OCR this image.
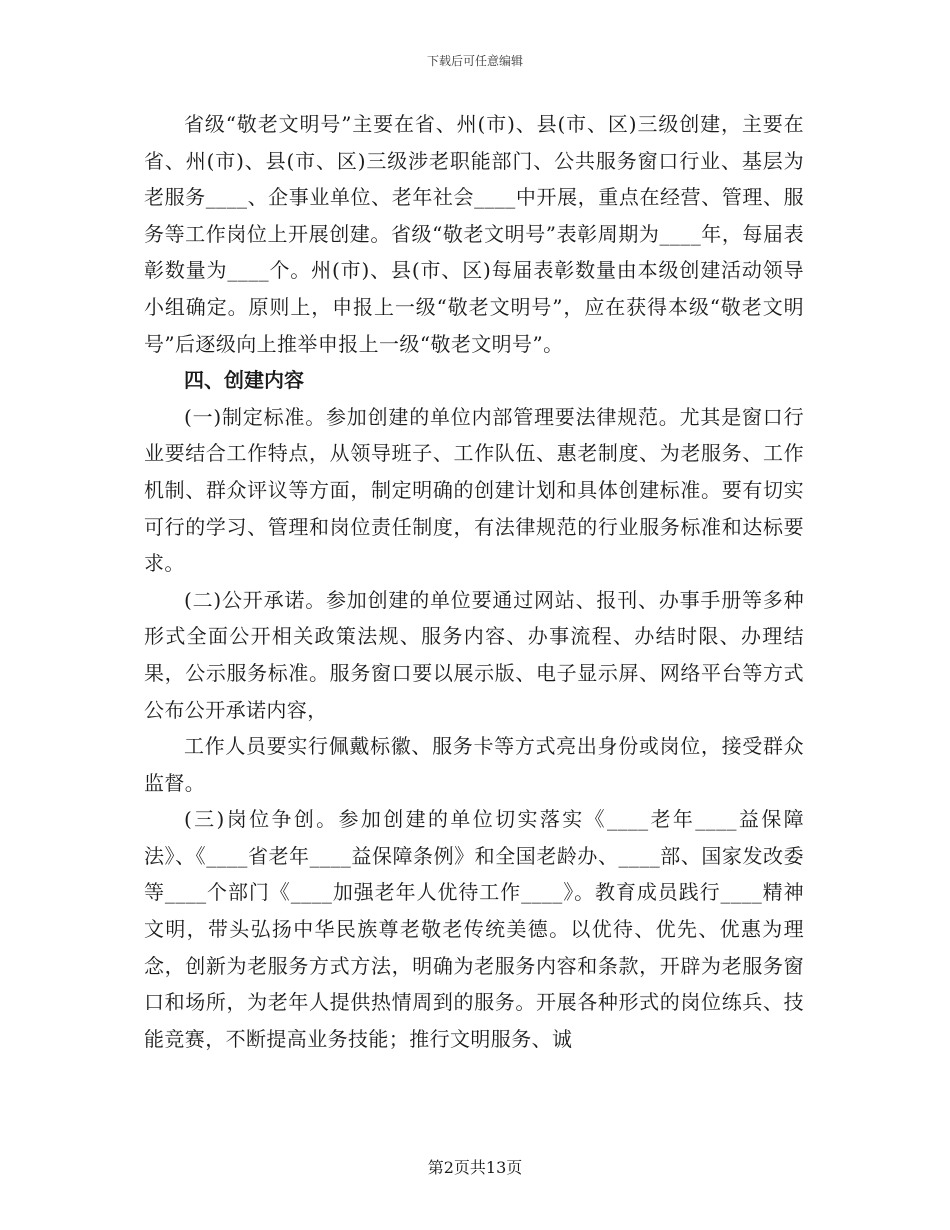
下载后可任意编辑

省级“敬老文明号”主要在省、州(市)、县(市、区)三级创建，主要在省、州(市)、县(市、区)三级涉老职能部门、公共服务窗口行业、基层为老服务____、企事业单位、老年社会____中开展，重点在经营、管理、服务等工作岗位上开展创建。省级“敬老文明号”表彰周期为____年，每届表彰数量为____个。州(市)、县(市、区)每届表彰数量由本级创建活动领导小组确定。原则上，申报上一级“敬老文明号”，应在获得本级“敬老文明号”后逐级向上推举申报上一级“敬老文明号”。

四、创建内容

(一)制定标准。参加创建的单位内部管理要法律规范。尤其是窗口行业要结合工作特点，从领导班子、工作队伍、惠老制度、为老服务、工作机制、群众评议等方面，制定明确的创建计划和具体创建标准。要有切实可行的学习、管理和岗位责任制度，有法律规范的行业服务标准和达标要求。

(二)公开承诺。参加创建的单位要通过网站、报刊、办事手册等多种形式全面公开相关政策法规、服务内容、办事流程、办结时限、办理结果，公示服务标准。服务窗口要以展示版、电子显示屏、网络平台等方式公布公开承诺内容，

工作人员要实行佩戴标徽、服务卡等方式亮出身份或岗位，接受群众监督。

(三)岗位争创。参加创建的单位切实落实《____老年____益保障法》、《____省老年____益保障条例》和全国老龄办、____部、国家发改委等____个部门《____加强老年人优待工作____》。教育成员践行____精神文明，带头弘扬中华民族尊老敬老传统美德。以优待、优先、优惠为理念，创新为老服务方式方法，明确为老服务内容和条款，开辟为老服务窗口和场所，为老年人提供热情周到的服务。开展各种形式的岗位练兵、技能竞赛，不断提高业务技能；推行文明服务、诚

第2页共13页
